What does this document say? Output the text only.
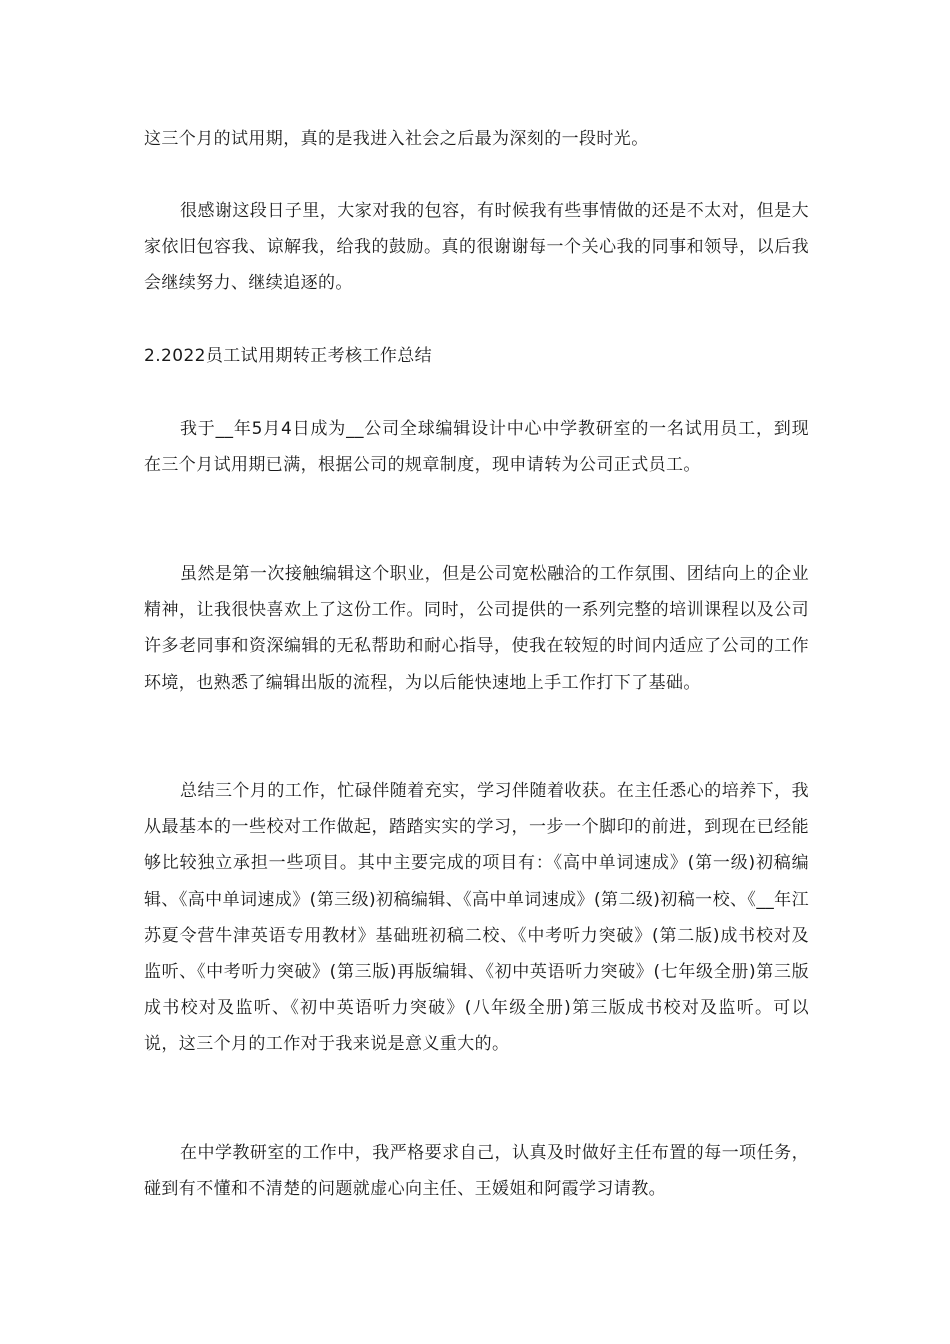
这三个月的试用期，真的是我进入社会之后最为深刻的一段时光。

很感谢这段日子里，大家对我的包容，有时候我有些事情做的还是不太对，但是大家依旧包容我、谅解我，给我的鼓励。真的很谢谢每一个关心我的同事和领导，以后我会继续努力、继续追逐的。

2.2022员工试用期转正考核工作总结

我于__年5月4日成为__公司全球编辑设计中心中学教研室的一名试用员工，到现在三个月试用期已满，根据公司的规章制度，现申请转为公司正式员工。

虽然是第一次接触编辑这个职业，但是公司宽松融洽的工作氛围、团结向上的企业精神，让我很快喜欢上了这份工作。同时，公司提供的一系列完整的培训课程以及公司许多老同事和资深编辑的无私帮助和耐心指导，使我在较短的时间内适应了公司的工作环境，也熟悉了编辑出版的流程，为以后能快速地上手工作打下了基础。

总结三个月的工作，忙碌伴随着充实，学习伴随着收获。在主任悉心的培养下，我从最基本的一些校对工作做起，踏踏实实的学习，一步一个脚印的前进，到现在已经能够比较独立承担一些项目。其中主要完成的项目有：《高中单词速成》(第一级)初稿编辑、《高中单词速成》(第三级)初稿编辑、《高中单词速成》(第二级)初稿一校、《__年江苏夏令营牛津英语专用教材》基础班初稿二校、《中考听力突破》(第二版)成书校对及监听、《中考听力突破》(第三版)再版编辑、《初中英语听力突破》(七年级全册)第三版成书校对及监听、《初中英语听力突破》(八年级全册)第三版成书校对及监听。可以说，这三个月的工作对于我来说是意义重大的。

在中学教研室的工作中，我严格要求自己，认真及时做好主任布置的每一项任务，碰到有不懂和不清楚的问题就虚心向主任、王媛姐和阿霞学习请教。
